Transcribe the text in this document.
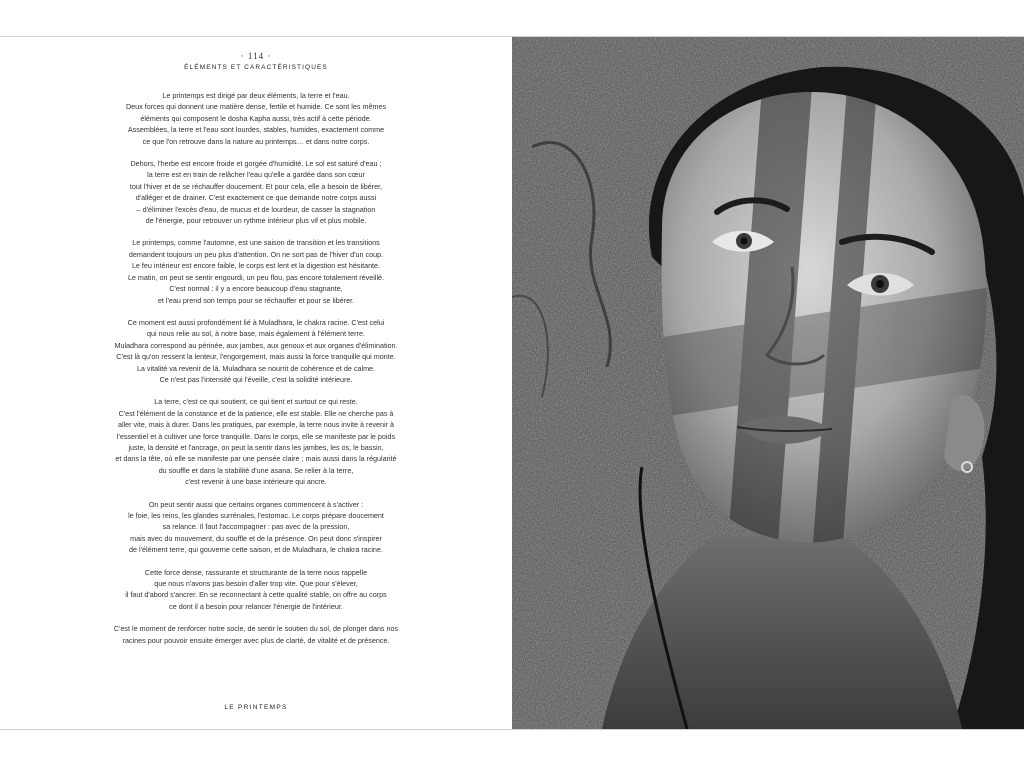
· 114 ·
ÉLÉMENTS ET CARACTÉRISTIQUES
Le printemps est dirigé par deux éléments, la terre et l'eau.
Deux forces qui donnent une matière dense, fertile et humide. Ce sont les mêmes
éléments qui composent le dosha Kapha aussi, très actif à cette période.
Assemblées, la terre et l'eau sont lourdes, stables, humides, exactement comme
ce que l'on retrouve dans la nature au printemps… et dans notre corps.
Dehors, l'herbe est encore froide et gorgée d'humidité. Le sol est saturé d'eau ;
la terre est en train de relâcher l'eau qu'elle a gardée dans son cœur
tout l'hiver et de se réchauffer doucement. Et pour cela, elle a besoin de libérer,
d'alléger et de drainer. C'est exactement ce que demande notre corps aussi
– d'éliminer l'excès d'eau, de mucus et de lourdeur, de casser la stagnation
de l'énergie, pour retrouver un rythme intérieur plus vif et plus mobile.
Le printemps, comme l'automne, est une saison de transition et les transitions
demandent toujours un peu plus d'attention. On ne sort pas de l'hiver d'un coup.
Le feu intérieur est encore faible, le corps est lent et la digestion est hésitante.
Le matin, on peut se sentir engourdi, un peu flou, pas encore totalement réveillé.
C'est normal : il y a encore beaucoup d'eau stagnante,
et l'eau prend son temps pour se réchauffer et pour se libérer.
Ce moment est aussi profondément lié à Muladhara, le chakra racine. C'est celui
qui nous relie au sol, à notre base, mais également à l'élément terre.
Muladhara correspond au périnée, aux jambes, aux genoux et aux organes d'élimination.
C'est là qu'on ressent la lenteur, l'engorgement, mais aussi la force tranquille qui monte.
La vitalité va revenir de là. Muladhara se nourrit de cohérence et de calme.
Ce n'est pas l'intensité qui l'éveille, c'est la solidité intérieure.
La terre, c'est ce qui soutient, ce qui tient et surtout ce qui reste.
C'est l'élément de la constance et de la patience, elle est stable. Elle ne cherche pas à
aller vite, mais à durer. Dans les pratiques, par exemple, la terre nous invite à revenir à
l'essentiel et à cultiver une force tranquille. Dans le corps, elle se manifeste par le poids
juste, la densité et l'ancrage, on peut la sentir dans les jambes, les os, le bassin,
et dans la tête, où elle se manifeste par une pensée claire ; mais aussi dans la régularité
du souffle et dans la stabilité d'une asana. Se relier à la terre,
c'est revenir à une base intérieure qui ancre.
On peut sentir aussi que certains organes commencent à s'activer :
le foie, les reins, les glandes surrénales, l'estomac. Le corps prépare doucement
sa relance. Il faut l'accompagner : pas avec de la pression,
mais avec du mouvement, du souffle et de la présence. On peut donc s'inspirer
de l'élément terre, qui gouverne cette saison, et de Muladhara, le chakra racine.
Cette force dense, rassurante et structurante de la terre nous rappelle
que nous n'avons pas besoin d'aller trop vite. Que pour s'élever,
il faut d'abord s'ancrer. En se reconnectant à cette qualité stable, on offre au corps
ce dont il a besoin pour relancer l'énergie de l'intérieur.
C'est le moment de renforcer notre socle, de sentir le soutien du sol, de plonger dans nos
racines pour pouvoir ensuite émerger avec plus de clarté, de vitalité et de présence.
LE PRINTEMPS
